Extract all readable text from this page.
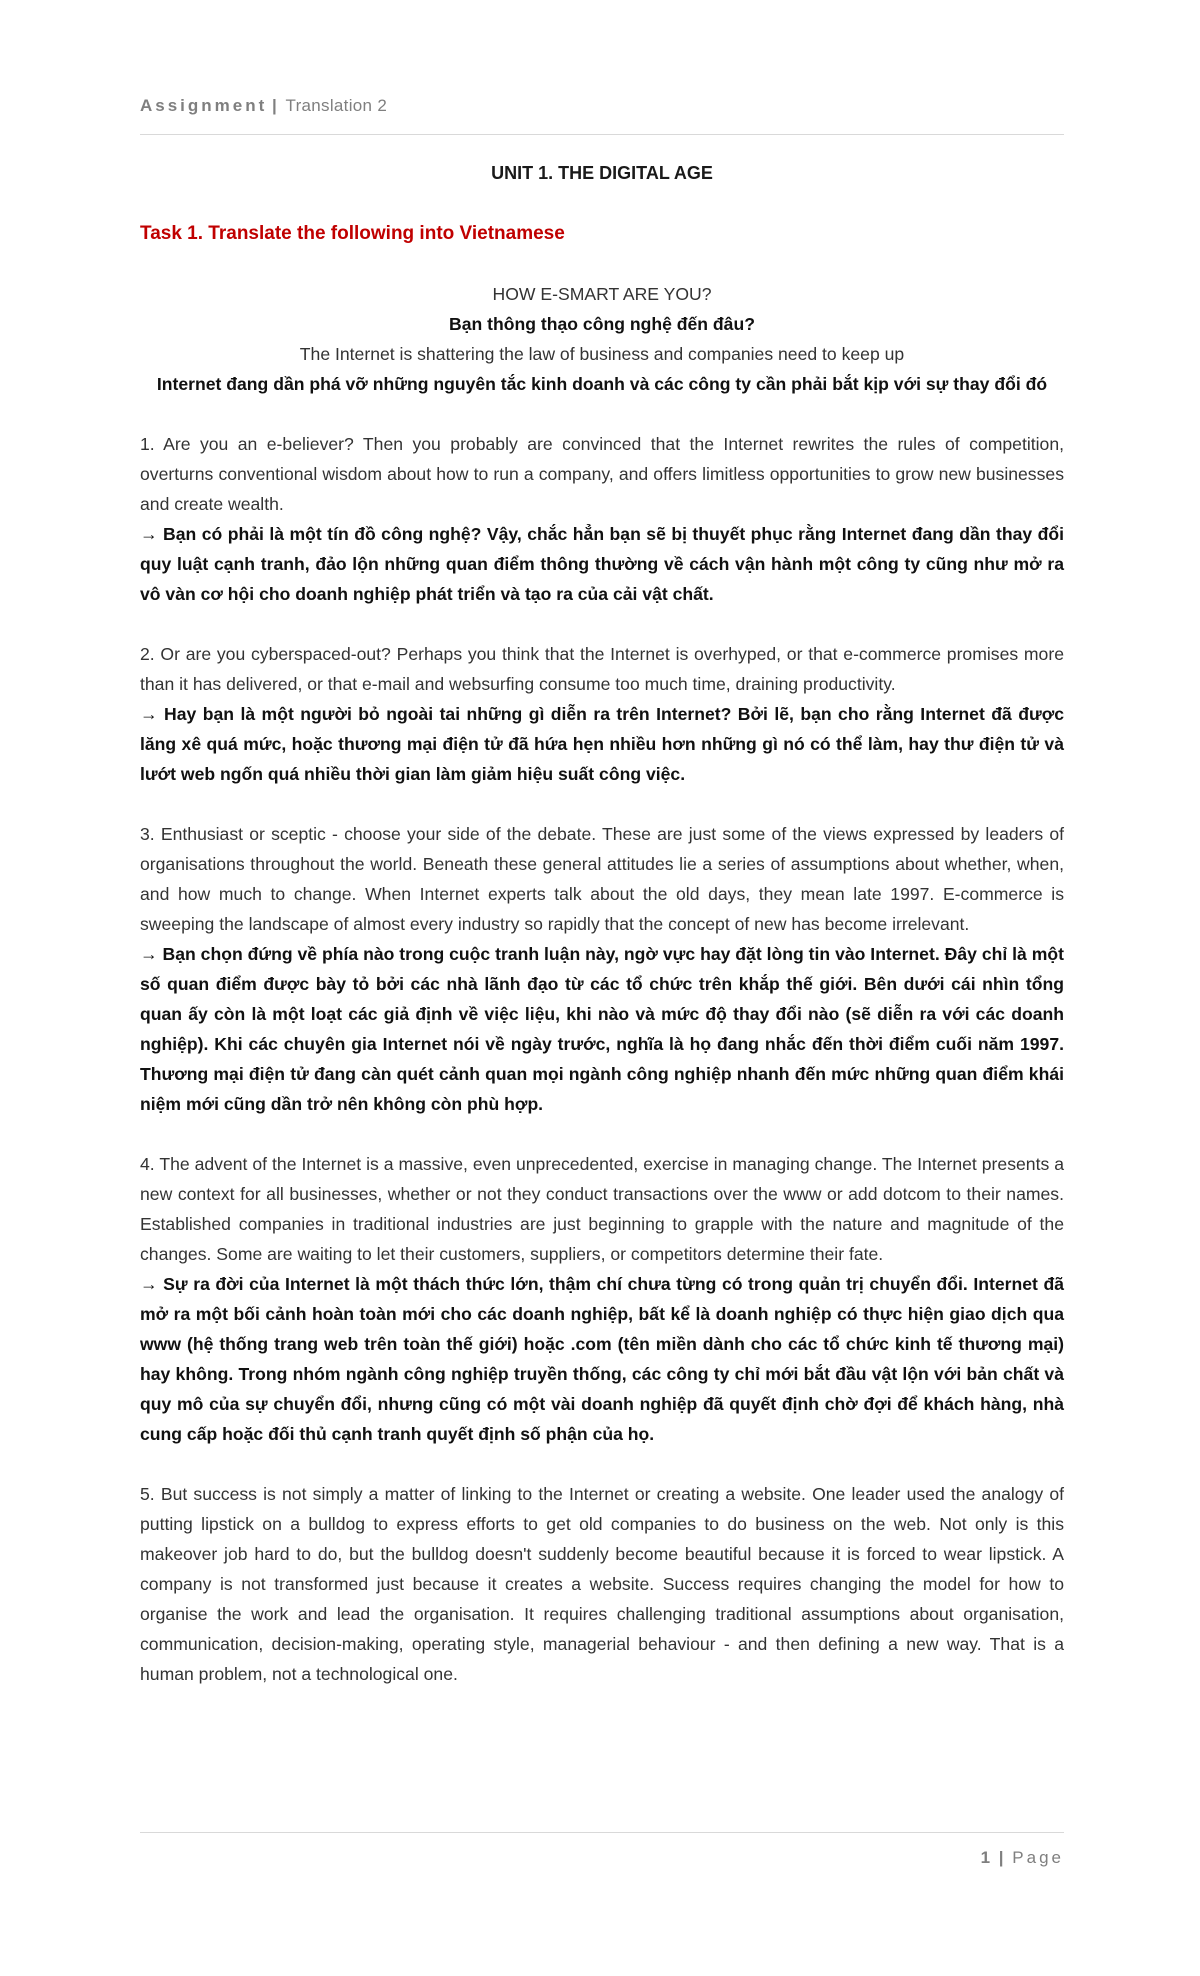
Assignment | Translation 2
UNIT 1. THE DIGITAL AGE
Task 1. Translate the following into Vietnamese
HOW E-SMART ARE YOU?
Bạn thông thạo công nghệ đến đâu?
The Internet is shattering the law of business and companies need to keep up
Internet đang dần phá vỡ những nguyên tắc kinh doanh và các công ty cần phải bắt kịp với sự thay đổi đó
1. Are you an e-believer? Then you probably are convinced that the Internet rewrites the rules of competition, overturns conventional wisdom about how to run a company, and offers limitless opportunities to grow new businesses and create wealth.
→ Bạn có phải là một tín đồ công nghệ? Vậy, chắc hẳn bạn sẽ bị thuyết phục rằng Internet đang dần thay đổi quy luật cạnh tranh, đảo lộn những quan điểm thông thường về cách vận hành một công ty cũng như mở ra vô vàn cơ hội cho doanh nghiệp phát triển và tạo ra của cải vật chất.
2. Or are you cyberspaced-out? Perhaps you think that the Internet is overhyped, or that e-commerce promises more than it has delivered, or that e-mail and websurfing consume too much time, draining productivity.
→ Hay bạn là một người bỏ ngoài tai những gì diễn ra trên Internet? Bởi lẽ, bạn cho rằng Internet đã được lăng xê quá mức, hoặc thương mại điện tử đã hứa hẹn nhiều hơn những gì nó có thể làm, hay thư điện tử và lướt web ngốn quá nhiều thời gian làm giảm hiệu suất công việc.
3. Enthusiast or sceptic - choose your side of the debate. These are just some of the views expressed by leaders of organisations throughout the world. Beneath these general attitudes lie a series of assumptions about whether, when, and how much to change. When Internet experts talk about the old days, they mean late 1997. E-commerce is sweeping the landscape of almost every industry so rapidly that the concept of new has become irrelevant.
→ Bạn chọn đứng về phía nào trong cuộc tranh luận này, ngờ vực hay đặt lòng tin vào Internet. Đây chỉ là một số quan điểm được bày tỏ bởi các nhà lãnh đạo từ các tổ chức trên khắp thế giới. Bên dưới cái nhìn tổng quan ấy còn là một loạt các giả định về việc liệu, khi nào và mức độ thay đổi nào (sẽ diễn ra với các doanh nghiệp). Khi các chuyên gia Internet nói về ngày trước, nghĩa là họ đang nhắc đến thời điểm cuối năm 1997. Thương mại điện tử đang càn quét cảnh quan mọi ngành công nghiệp nhanh đến mức những quan điểm khái niệm mới cũng dần trở nên không còn phù hợp.
4. The advent of the Internet is a massive, even unprecedented, exercise in managing change. The Internet presents a new context for all businesses, whether or not they conduct transactions over the www or add dotcom to their names. Established companies in traditional industries are just beginning to grapple with the nature and magnitude of the changes. Some are waiting to let their customers, suppliers, or competitors determine their fate.
→ Sự ra đời của Internet là một thách thức lớn, thậm chí chưa từng có trong quản trị chuyển đổi. Internet đã mở ra một bối cảnh hoàn toàn mới cho các doanh nghiệp, bất kể là doanh nghiệp có thực hiện giao dịch qua www (hệ thống trang web trên toàn thế giới) hoặc .com (tên miền dành cho các tổ chức kinh tế thương mại) hay không. Trong nhóm ngành công nghiệp truyền thống, các công ty chỉ mới bắt đầu vật lộn với bản chất và quy mô của sự chuyển đổi, nhưng cũng có một vài doanh nghiệp đã quyết định chờ đợi để khách hàng, nhà cung cấp hoặc đối thủ cạnh tranh quyết định số phận của họ.
5. But success is not simply a matter of linking to the Internet or creating a website. One leader used the analogy of putting lipstick on a bulldog to express efforts to get old companies to do business on the web. Not only is this makeover job hard to do, but the bulldog doesn't suddenly become beautiful because it is forced to wear lipstick. A company is not transformed just because it creates a website. Success requires changing the model for how to organise the work and lead the organisation. It requires challenging traditional assumptions about organisation, communication, decision-making, operating style, managerial behaviour - and then defining a new way. That is a human problem, not a technological one.
1 | Page
